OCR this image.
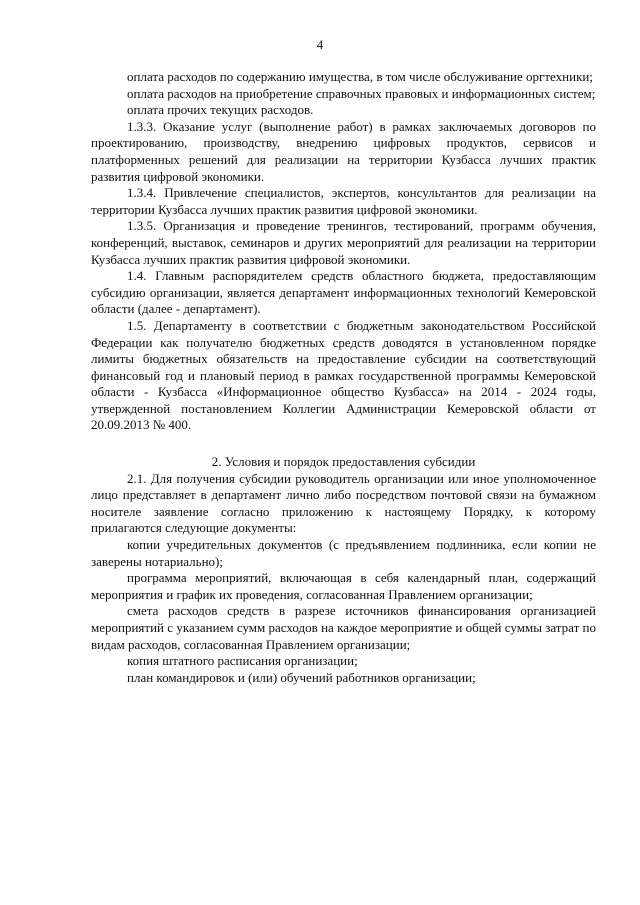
4

оплата расходов по содержанию имущества, в том числе обслуживание оргтехники;

оплата расходов на приобретение справочных правовых и информационных систем;

оплата прочих текущих расходов.

1.3.3. Оказание услуг (выполнение работ) в рамках заключаемых договоров по проектированию, производству, внедрению цифровых продуктов, сервисов и платформенных решений для реализации на территории Кузбасса лучших практик развития цифровой экономики.

1.3.4. Привлечение специалистов, экспертов, консультантов для реализации на территории Кузбасса лучших практик развития цифровой экономики.

1.3.5. Организация и проведение тренингов, тестирований, программ обучения, конференций, выставок, семинаров и других мероприятий для реализации на территории Кузбасса лучших практик развития цифровой экономики.

1.4. Главным распорядителем средств областного бюджета, предоставляющим субсидию организации, является департамент информационных технологий Кемеровской области (далее - департамент).

1.5. Департаменту в соответствии с бюджетным законодательством Российской Федерации как получателю бюджетных средств доводятся в установленном порядке лимиты бюджетных обязательств на предоставление субсидии на соответствующий финансовый год и плановый период в рамках государственной программы Кемеровской области - Кузбасса «Информационное общество Кузбасса» на 2014 - 2024 годы, утвержденной постановлением Коллегии Администрации Кемеровской области от 20.09.2013 № 400.

2. Условия и порядок предоставления субсидии

2.1. Для получения субсидии руководитель организации или иное уполномоченное лицо представляет в департамент лично либо посредством почтовой связи на бумажном носителе заявление согласно приложению к настоящему Порядку, к которому прилагаются следующие документы:

копии учредительных документов (с предъявлением подлинника, если копии не заверены нотариально);

программа мероприятий, включающая в себя календарный план, содержащий мероприятия и график их проведения, согласованная Правлением организации;

смета расходов средств в разрезе источников финансирования организацией мероприятий с указанием сумм расходов на каждое мероприятие и общей суммы затрат по видам расходов, согласованная Правлением организации;

копия штатного расписания организации;

план командировок и (или) обучений работников организации;
